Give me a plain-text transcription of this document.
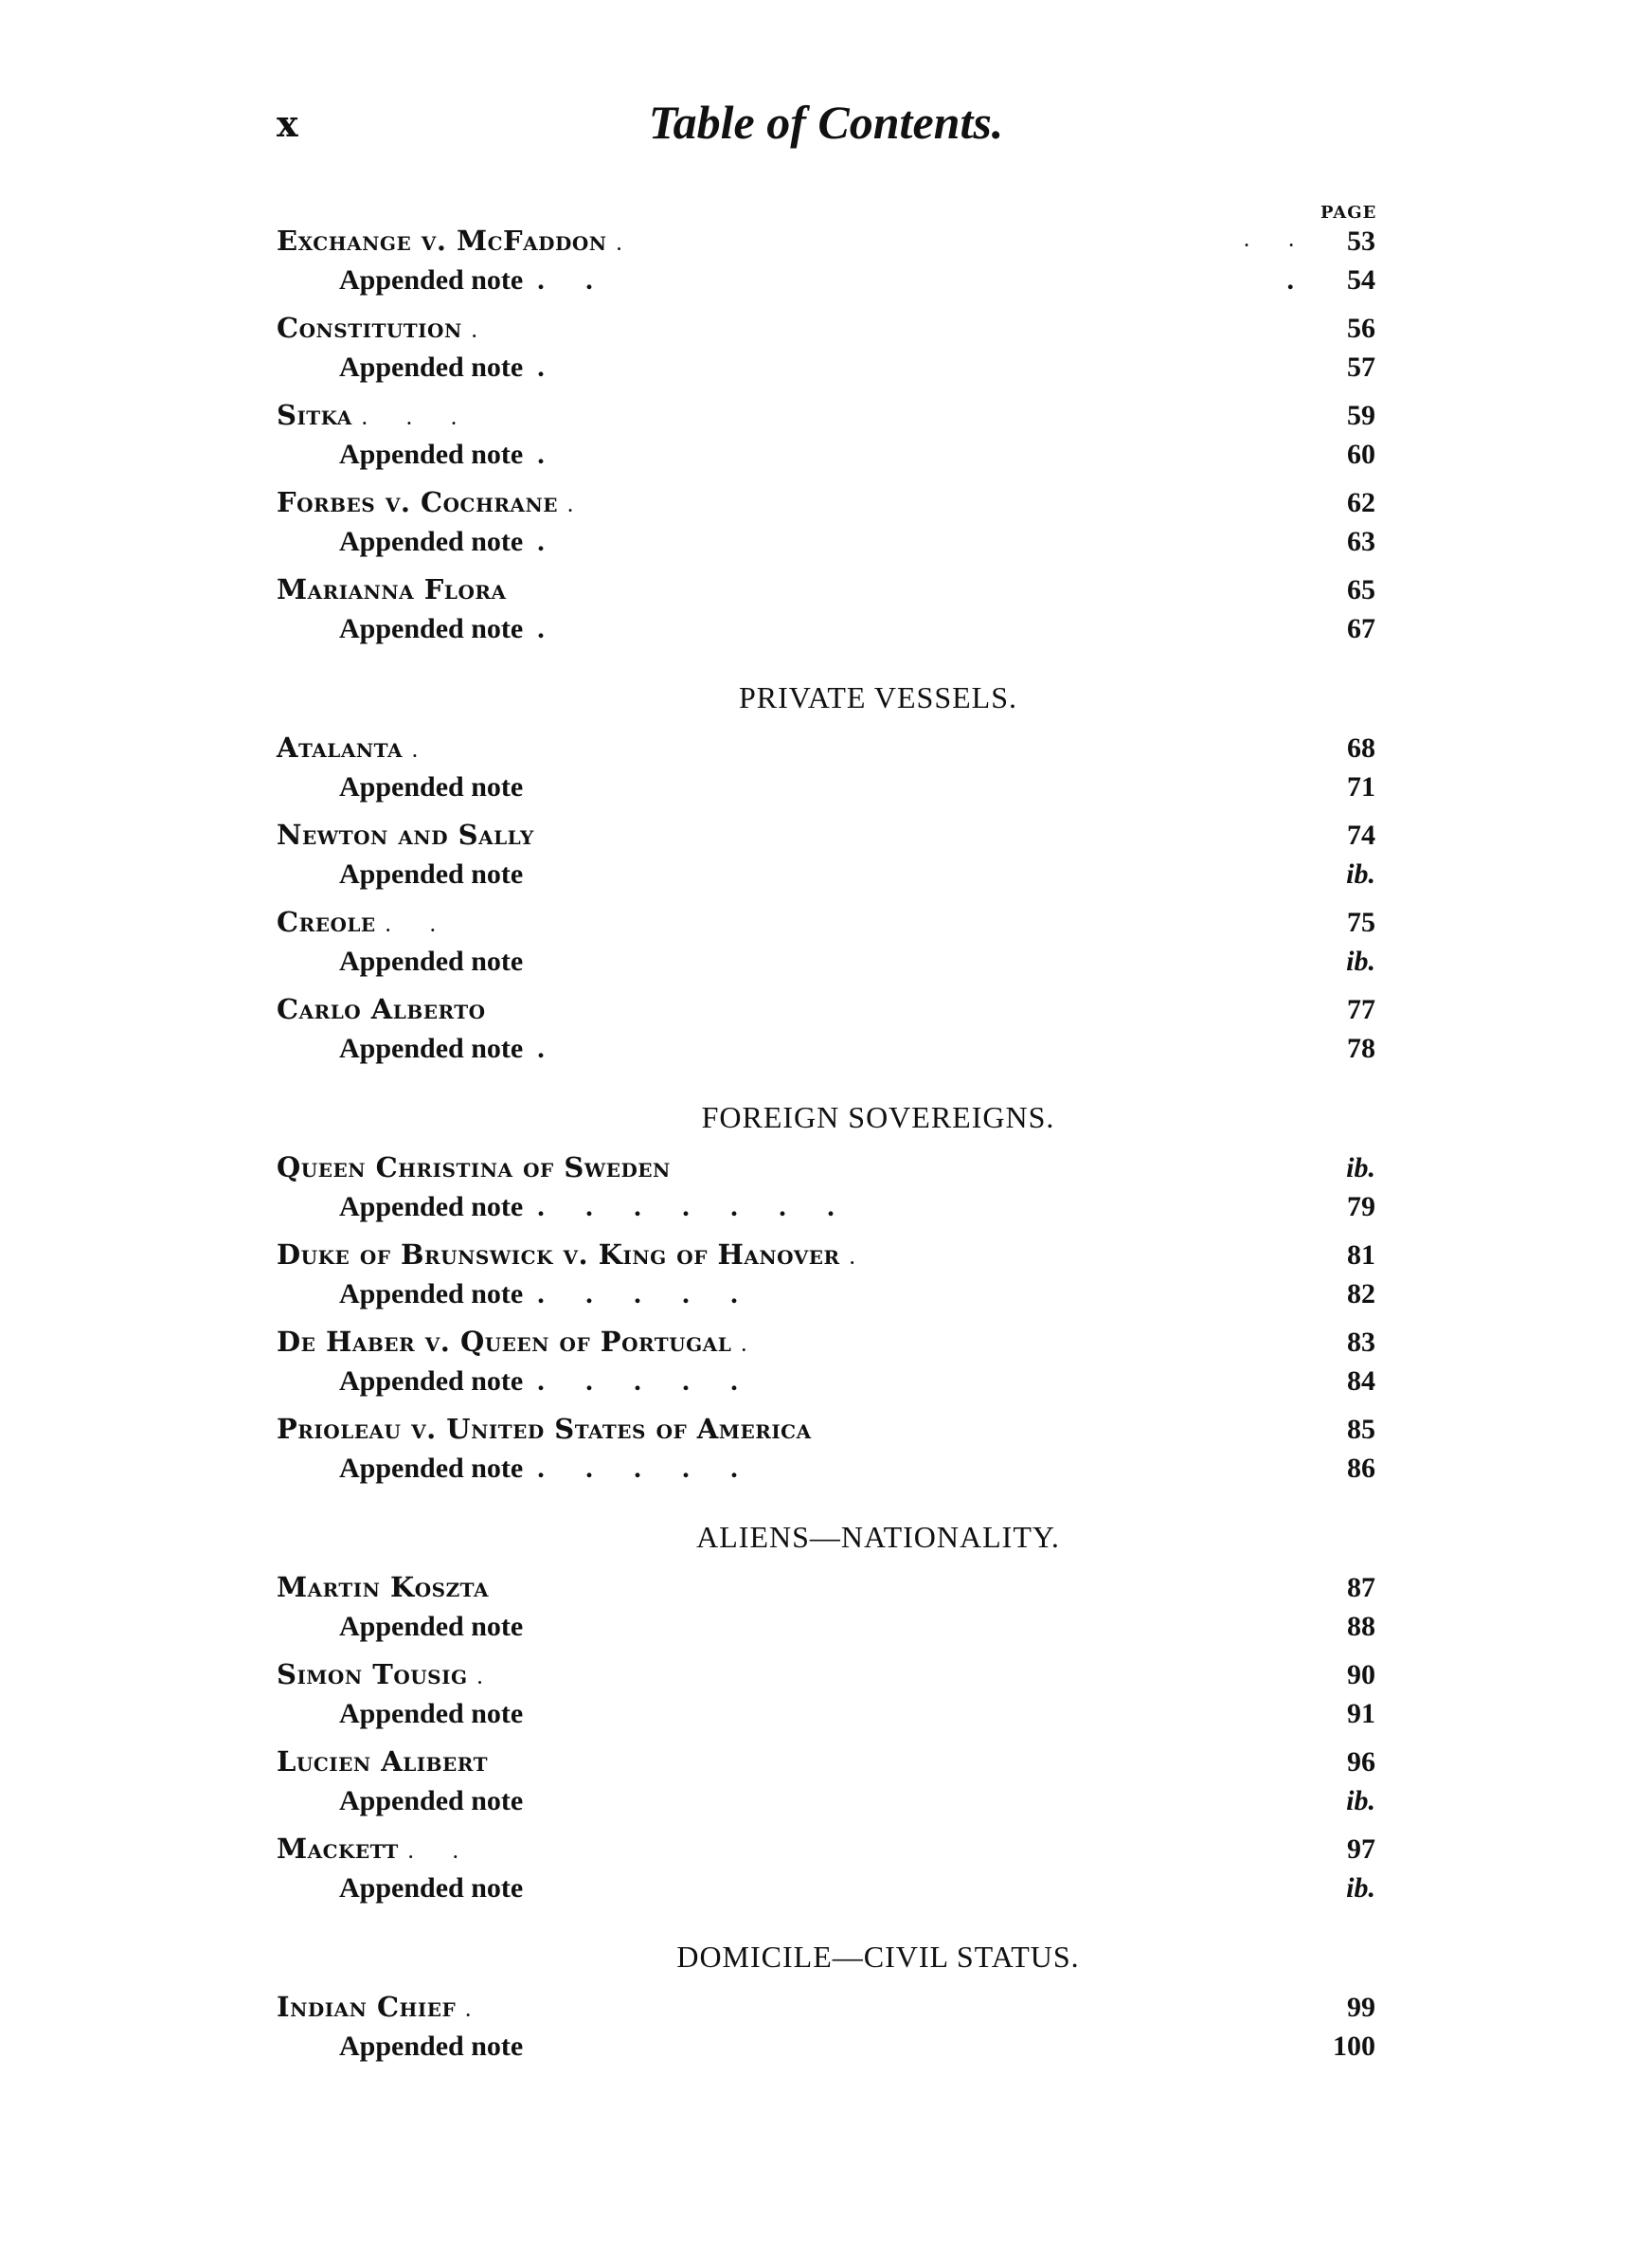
x	Table of Contents.
PAGE
Exchange v. McFaddon .	. . 53
Appended note . .	. 54
Constitution .	56
Appended note .	57
Sitka . . .	59
Appended note .	60
Forbes v. Cochrane .	62
Appended note .	63
Marianna Flora	65
Appended note .	67
PRIVATE VESSELS.
Atalanta .	68
Appended note	71
Newton and Sally	74
Appended note	ib.
Creole . .	75
Appended note	ib.
Carlo Alberto	77
Appended note .	78
FOREIGN SOVEREIGNS.
Queen Christina of Sweden	ib.
Appended note . . . . . . .	79
Duke of Brunswick v. King of Hanover .	81
Appended note . . . . .	82
De Haber v. Queen of Portugal .	83
Appended note . . . . .	84
Prioleau v. United States of America	85
Appended note . . . . .	86
ALIENS—NATIONALITY.
Martin Koszta	87
Appended note	88
Simon Tousig .	90
Appended note	91
Lucien Alibert	96
Appended note	ib.
Mackett . .	97
Appended note	ib.
DOMICILE—CIVIL STATUS.
Indian Chief .	99
Appended note	100
